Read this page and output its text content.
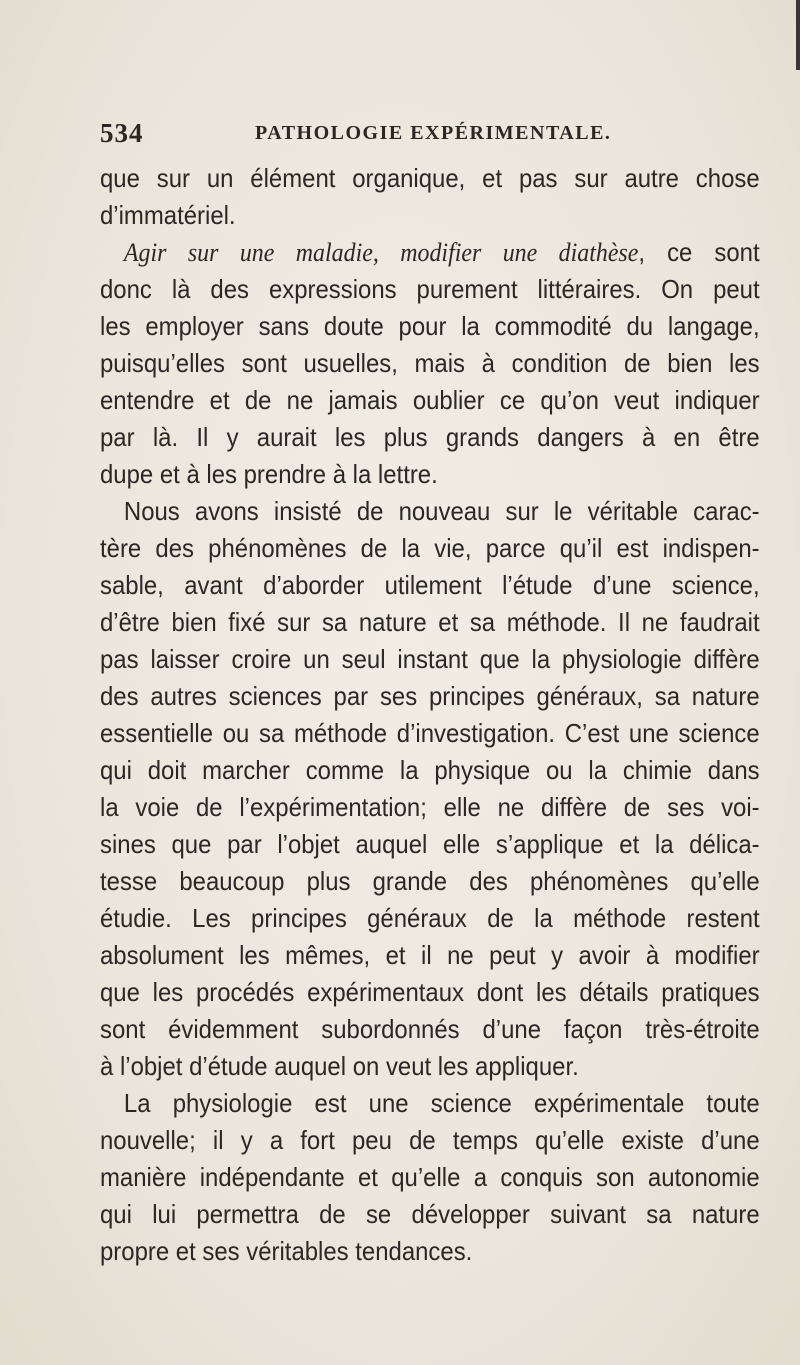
534	PATHOLOGIE EXPÉRIMENTALE.

que sur un élément organique, et pas sur autre chose
d’immatériel.

Agir sur une maladie, modifier une diathèse, ce sont
donc là des expressions purement littéraires. On peut
les employer sans doute pour la commodité du langage,
puisqu’elles sont usuelles, mais à condition de bien les
entendre et de ne jamais oublier ce qu’on veut indiquer
par là. Il y aurait les plus grands dangers à en être
dupe et à les prendre à la lettre.

Nous avons insisté de nouveau sur le véritable carac-
tère des phénomènes de la vie, parce qu’il est indispen-
sable, avant d’aborder utilement l’étude d’une science,
d’être bien fixé sur sa nature et sa méthode. Il ne faudrait
pas laisser croire un seul instant que la physiologie diffère
des autres sciences par ses principes généraux, sa nature
essentielle ou sa méthode d’investigation. C’est une science
qui doit marcher comme la physique ou la chimie dans
la voie de l’expérimentation; elle ne diffère de ses voi-
sines que par l’objet auquel elle s’applique et la délica-
tesse beaucoup plus grande des phénomènes qu’elle
étudie. Les principes généraux de la méthode restent
absolument les mêmes, et il ne peut y avoir à modifier
que les procédés expérimentaux dont les détails pratiques
sont évidemment subordonnés d’une façon très-étroite
à l’objet d’étude auquel on veut les appliquer.

La physiologie est une science expérimentale toute
nouvelle; il y a fort peu de temps qu’elle existe d’une
manière indépendante et qu’elle a conquis son autonomie
qui lui permettra de se développer suivant sa nature
propre et ses véritables tendances.
